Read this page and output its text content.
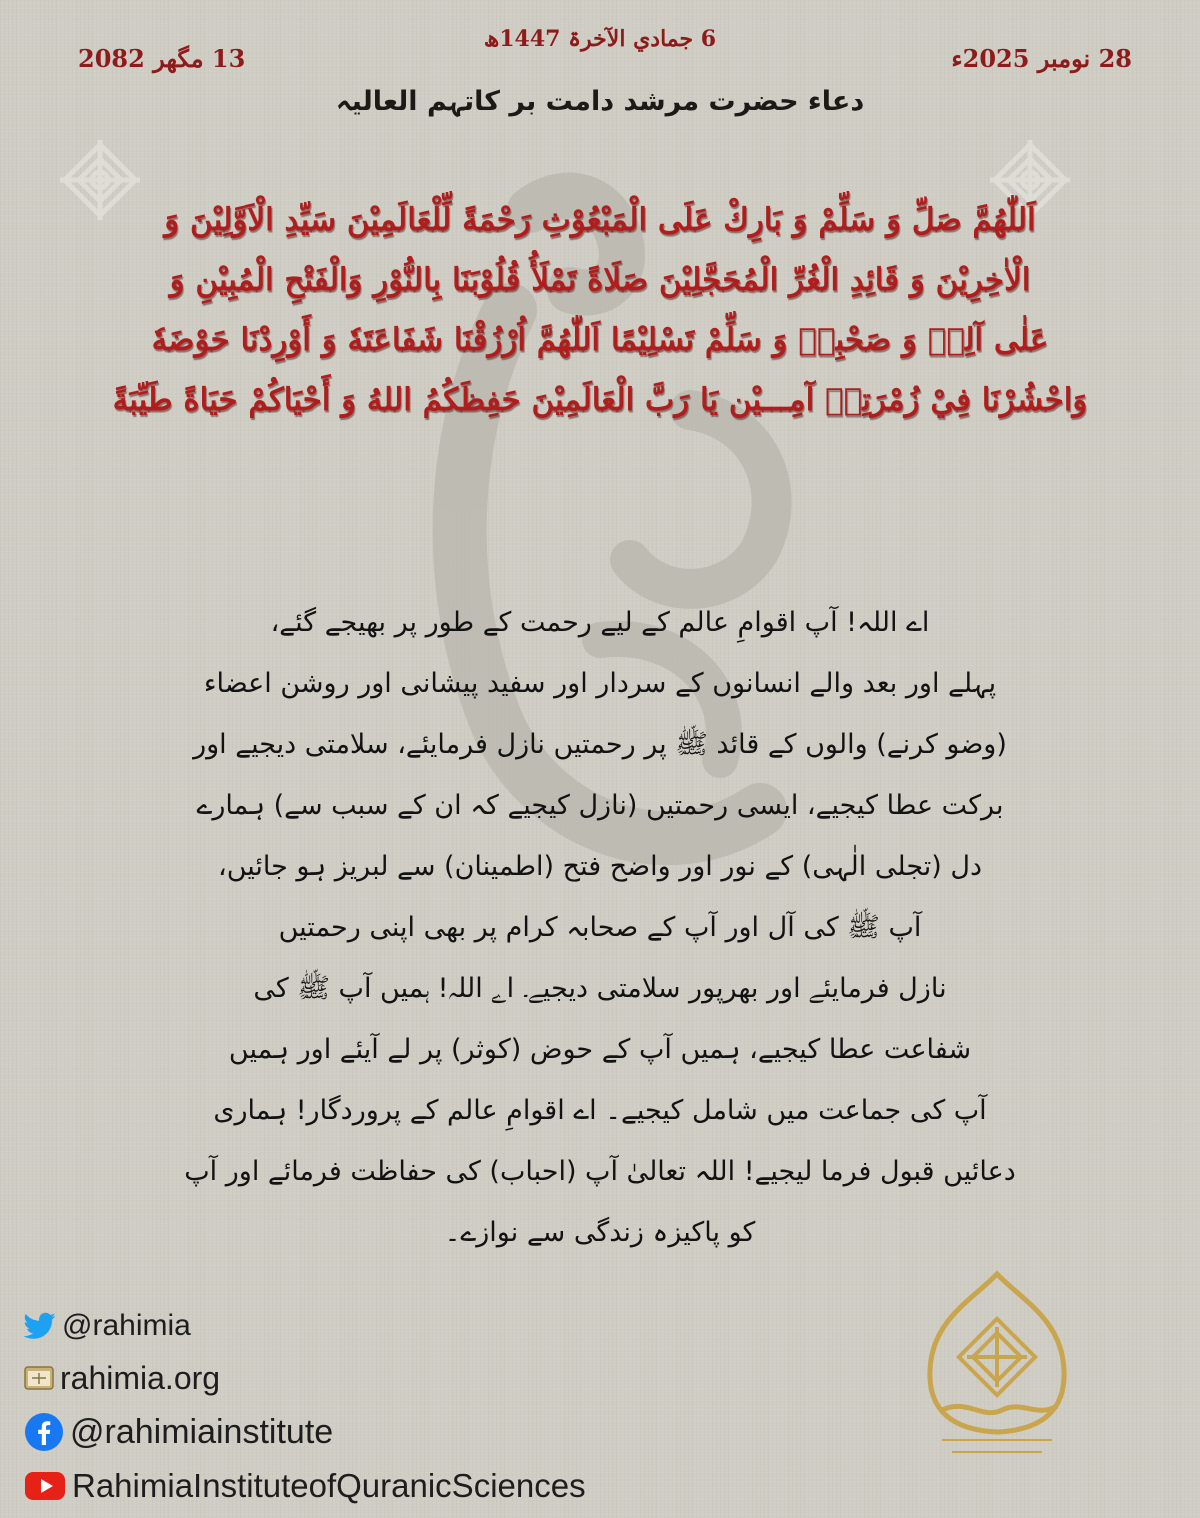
6 جمادي الآخرۃ 1447ھ
13 مگھر 2082	28 نومبر 2025ء
دعاء حضرت مرشد دامت بر کاتہم العالیہ
اَللّٰھُمَّ صَلِّ وَ سَلِّمْ وَ بَارِكْ عَلَى الْمَبْعُوْثِ رَحْمَةً لِّلْعَالَمِيْنَ سَيِّدِ الْاَوَّلِيْنَ وَ
الْاٰخِرِيْنَ وَ قَائِدِ الْغُرِّ الْمُحَجَّلِيْنَ صَلَاةً تَمْلَأُ قُلُوْبَنَا بِالنُّوْرِ وَالْفَتْحِ الْمُبِيْنِ وَ
عَلٰى آلِهٖ وَ صَحْبِهٖ وَ سَلِّمْ تَسْلِيْمًا اَللّٰهُمَّ اُرْزُقْنَا شَفَاعَتَهٗ وَ أَوْرِدْنَا حَوْضَهٗ
وَاحْشُرْنَا فِيْ زُمْرَتِهٖ آمِـــيْن يَا رَبَّ الْعَالَمِيْنَ حَفِظَكُمُ اللهُ وَ أَحْيَاكُمْ حَيَاةً طَيِّبَةً
اے اللہ! آپ اقوامِ عالم کے لیے رحمت کے طور پر بھیجے گئے،
پہلے اور بعد والے انسانوں کے سردار اور سفید پیشانی اور روشن اعضاء
(وضو کرنے) والوں کے قائد ﷺ پر رحمتیں نازل فرمایئے، سلامتی دیجیے اور
برکت عطا کیجیے، ایسی رحمتیں (نازل کیجیے کہ ان کے سبب سے) ہمارے
دل (تجلی الٰہی) کے نور اور واضح فتح (اطمینان) سے لبریز ہو جائیں،
آپ ﷺ کی آل اور آپ کے صحابہ کرام پر بھی اپنی رحمتیں
نازل فرمایئے اور بھرپور سلامتی دیجیے۔ اے اللہ! ہمیں آپ ﷺ کی
شفاعت عطا کیجیے، ہمیں آپ کے حوض (کوثر) پر لے آیئے اور ہمیں
آپ کی جماعت میں شامل کیجیے۔ اے اقوامِ عالم کے پروردگار! ہماری
دعائیں قبول فرما لیجیے! اللہ تعالیٰ آپ (احباب) کی حفاظت فرمائے اور آپ
کو پاکیزہ زندگی سے نوازے۔
@rahimia
rahimia.org
@rahimiainstitute
RahimiaInstituteofQuranicSciences
